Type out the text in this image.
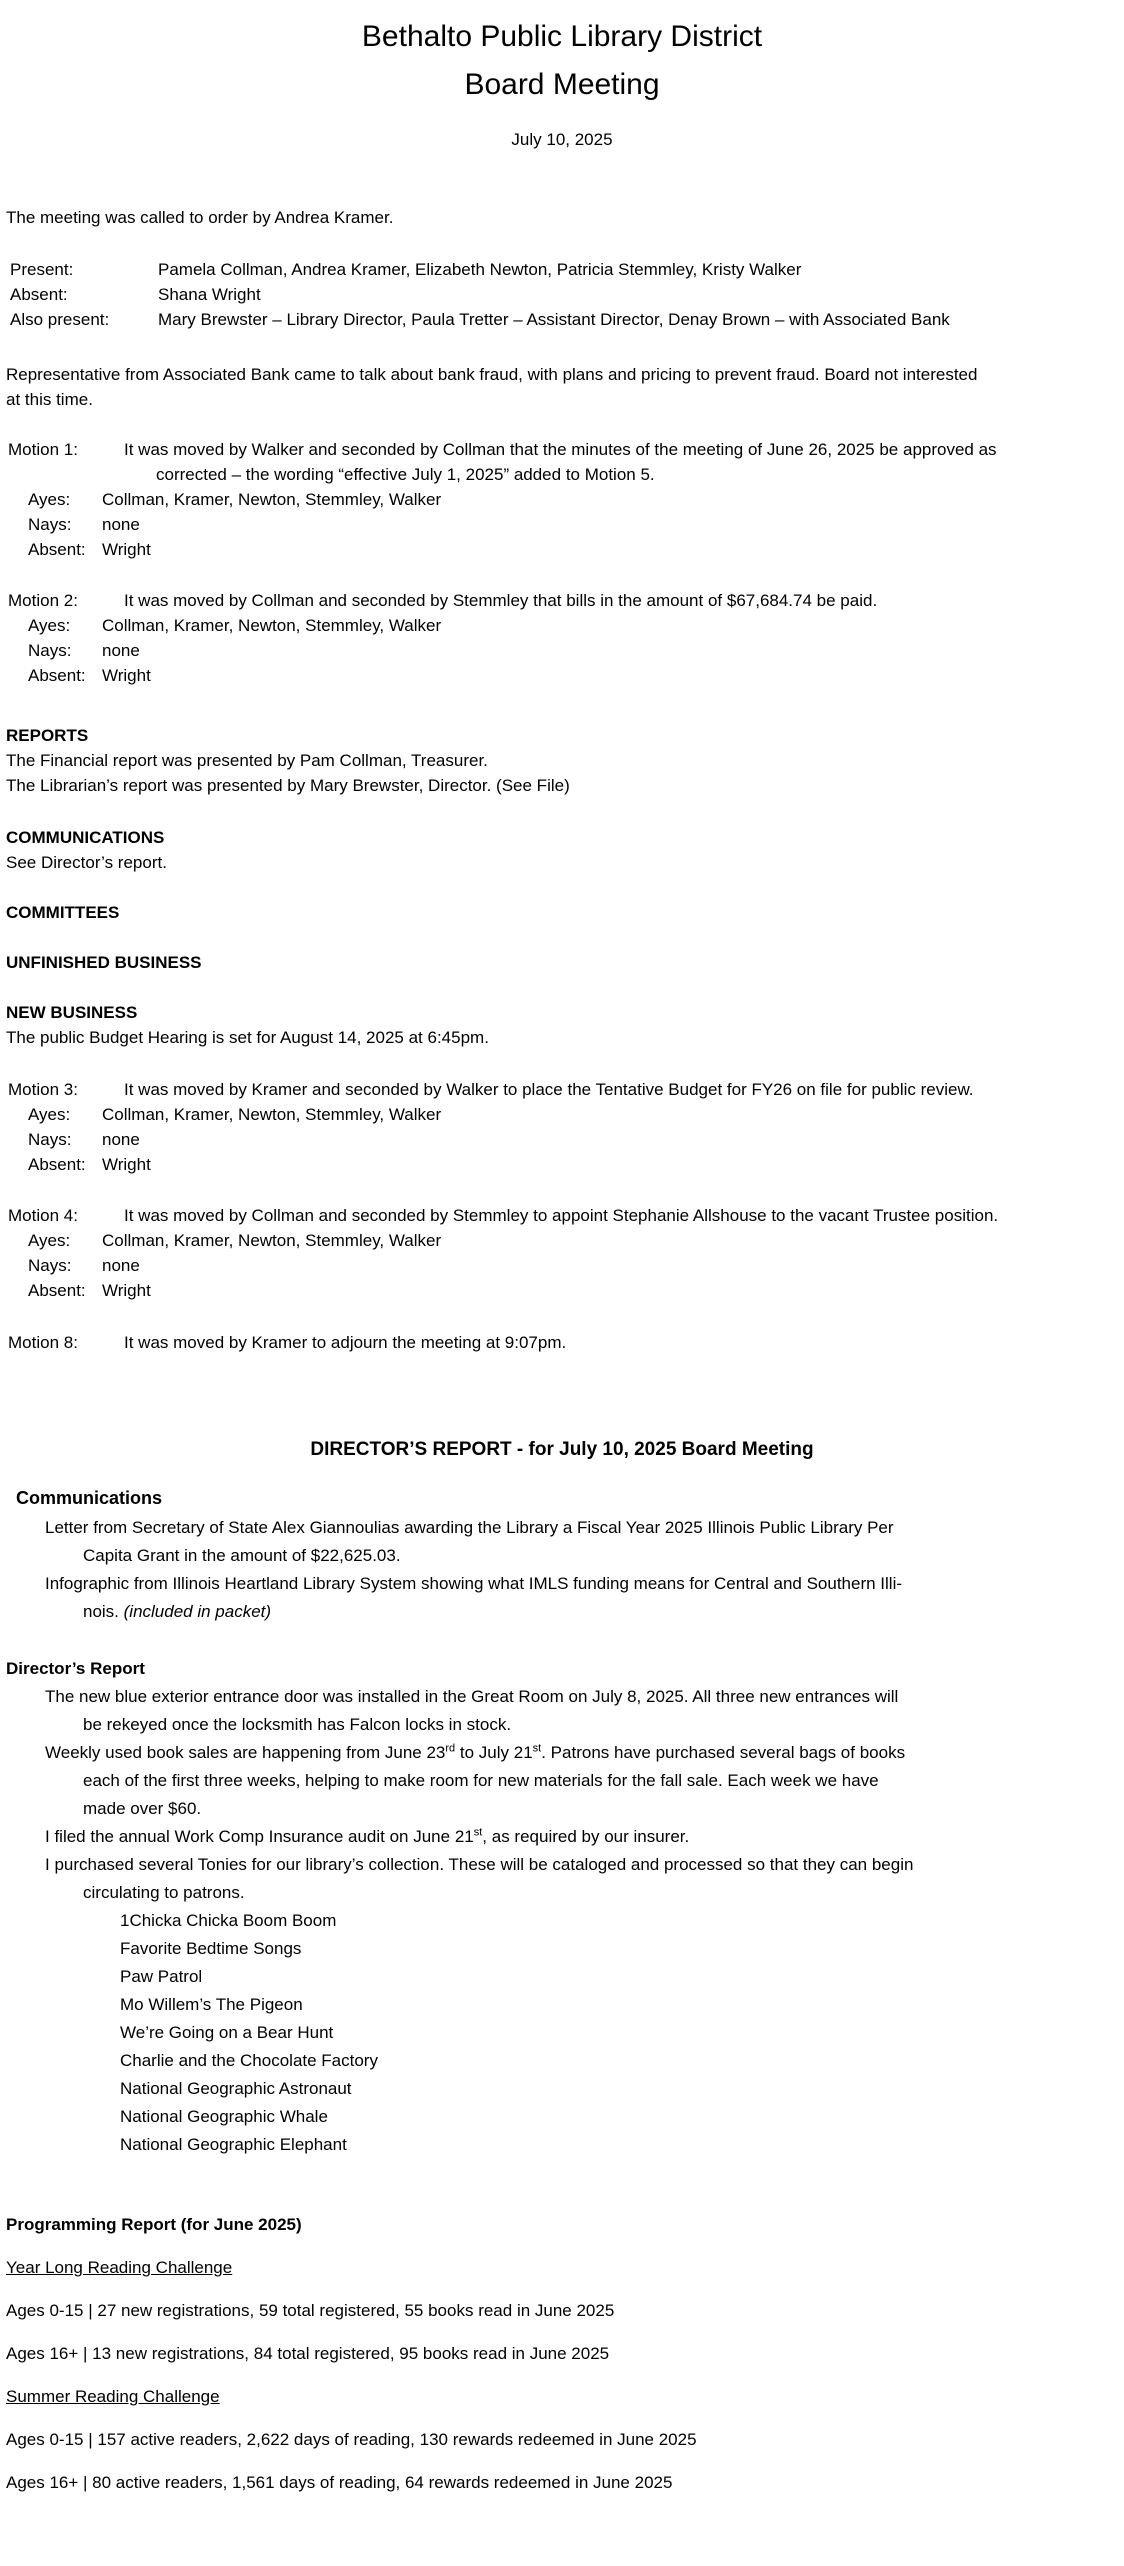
Bethalto Public Library District
Board Meeting
July 10, 2025
The meeting was called to order by Andrea Kramer.
Present:	Pamela Collman, Andrea Kramer, Elizabeth Newton, Patricia Stemmley, Kristy Walker
Absent:	Shana Wright
Also present:	Mary Brewster – Library Director, Paula Tretter – Assistant Director, Denay Brown – with Associated Bank
Representative from Associated Bank came to talk about bank fraud, with plans and pricing to prevent fraud. Board not interested
at this time.
Motion 1:	It was moved by Walker and seconded by Collman that the minutes of the meeting of June 26, 2025 be approved as
corrected – the wording “effective July 1, 2025” added to Motion 5.
Ayes:	Collman, Kramer, Newton, Stemmley, Walker
Nays:	none
Absent: Wright
Motion 2:	It was moved by Collman and seconded by Stemmley that bills in the amount of $67,684.74 be paid.
Ayes:	Collman, Kramer, Newton, Stemmley, Walker
Nays:	none
Absent: Wright
REPORTS
The Financial report was presented by Pam Collman, Treasurer.
The Librarian’s report was presented by Mary Brewster, Director. (See File)
COMMUNICATIONS
See Director’s report.
COMMITTEES
UNFINISHED BUSINESS
NEW BUSINESS
The public Budget Hearing is set for August 14, 2025 at 6:45pm.
Motion 3:	It was moved by Kramer and seconded by Walker to place the Tentative Budget for FY26 on file for public review.
Ayes:	Collman, Kramer, Newton, Stemmley, Walker
Nays:	none
Absent: Wright
Motion 4:	It was moved by Collman and seconded by Stemmley to appoint Stephanie Allshouse to the vacant Trustee position.
Ayes:	Collman, Kramer, Newton, Stemmley, Walker
Nays:	none
Absent: Wright
Motion 8:	It was moved by Kramer to adjourn the meeting at 9:07pm.
DIRECTOR’S REPORT - for July 10, 2025 Board Meeting
Communications
Letter from Secretary of State Alex Giannoulias awarding the Library a Fiscal Year 2025 Illinois Public Library Per
Capita Grant in the amount of $22,625.03.
Infographic from Illinois Heartland Library System showing what IMLS funding means for Central and Southern Illi-
nois. (included in packet)
Director’s Report
The new blue exterior entrance door was installed in the Great Room on July 8, 2025. All three new entrances will
be rekeyed once the locksmith has Falcon locks in stock.
Weekly used book sales are happening from June 23rd to July 21st. Patrons have purchased several bags of books
each of the first three weeks, helping to make room for new materials for the fall sale. Each week we have
made over $60.
I filed the annual Work Comp Insurance audit on June 21st, as required by our insurer.
I purchased several Tonies for our library’s collection. These will be cataloged and processed so that they can begin
circulating to patrons.
1Chicka Chicka Boom Boom
Favorite Bedtime Songs
Paw Patrol
Mo Willem’s The Pigeon
We’re Going on a Bear Hunt
Charlie and the Chocolate Factory
National Geographic Astronaut
National Geographic Whale
National Geographic Elephant
Programming Report (for June 2025)
Year Long Reading Challenge
Ages 0-15 | 27 new registrations, 59 total registered, 55 books read in June 2025
Ages 16+ | 13 new registrations, 84 total registered, 95 books read in June 2025
Summer Reading Challenge
Ages 0-15 | 157 active readers, 2,622 days of reading, 130 rewards redeemed in June 2025
Ages 16+ | 80 active readers, 1,561 days of reading, 64 rewards redeemed in June 2025
